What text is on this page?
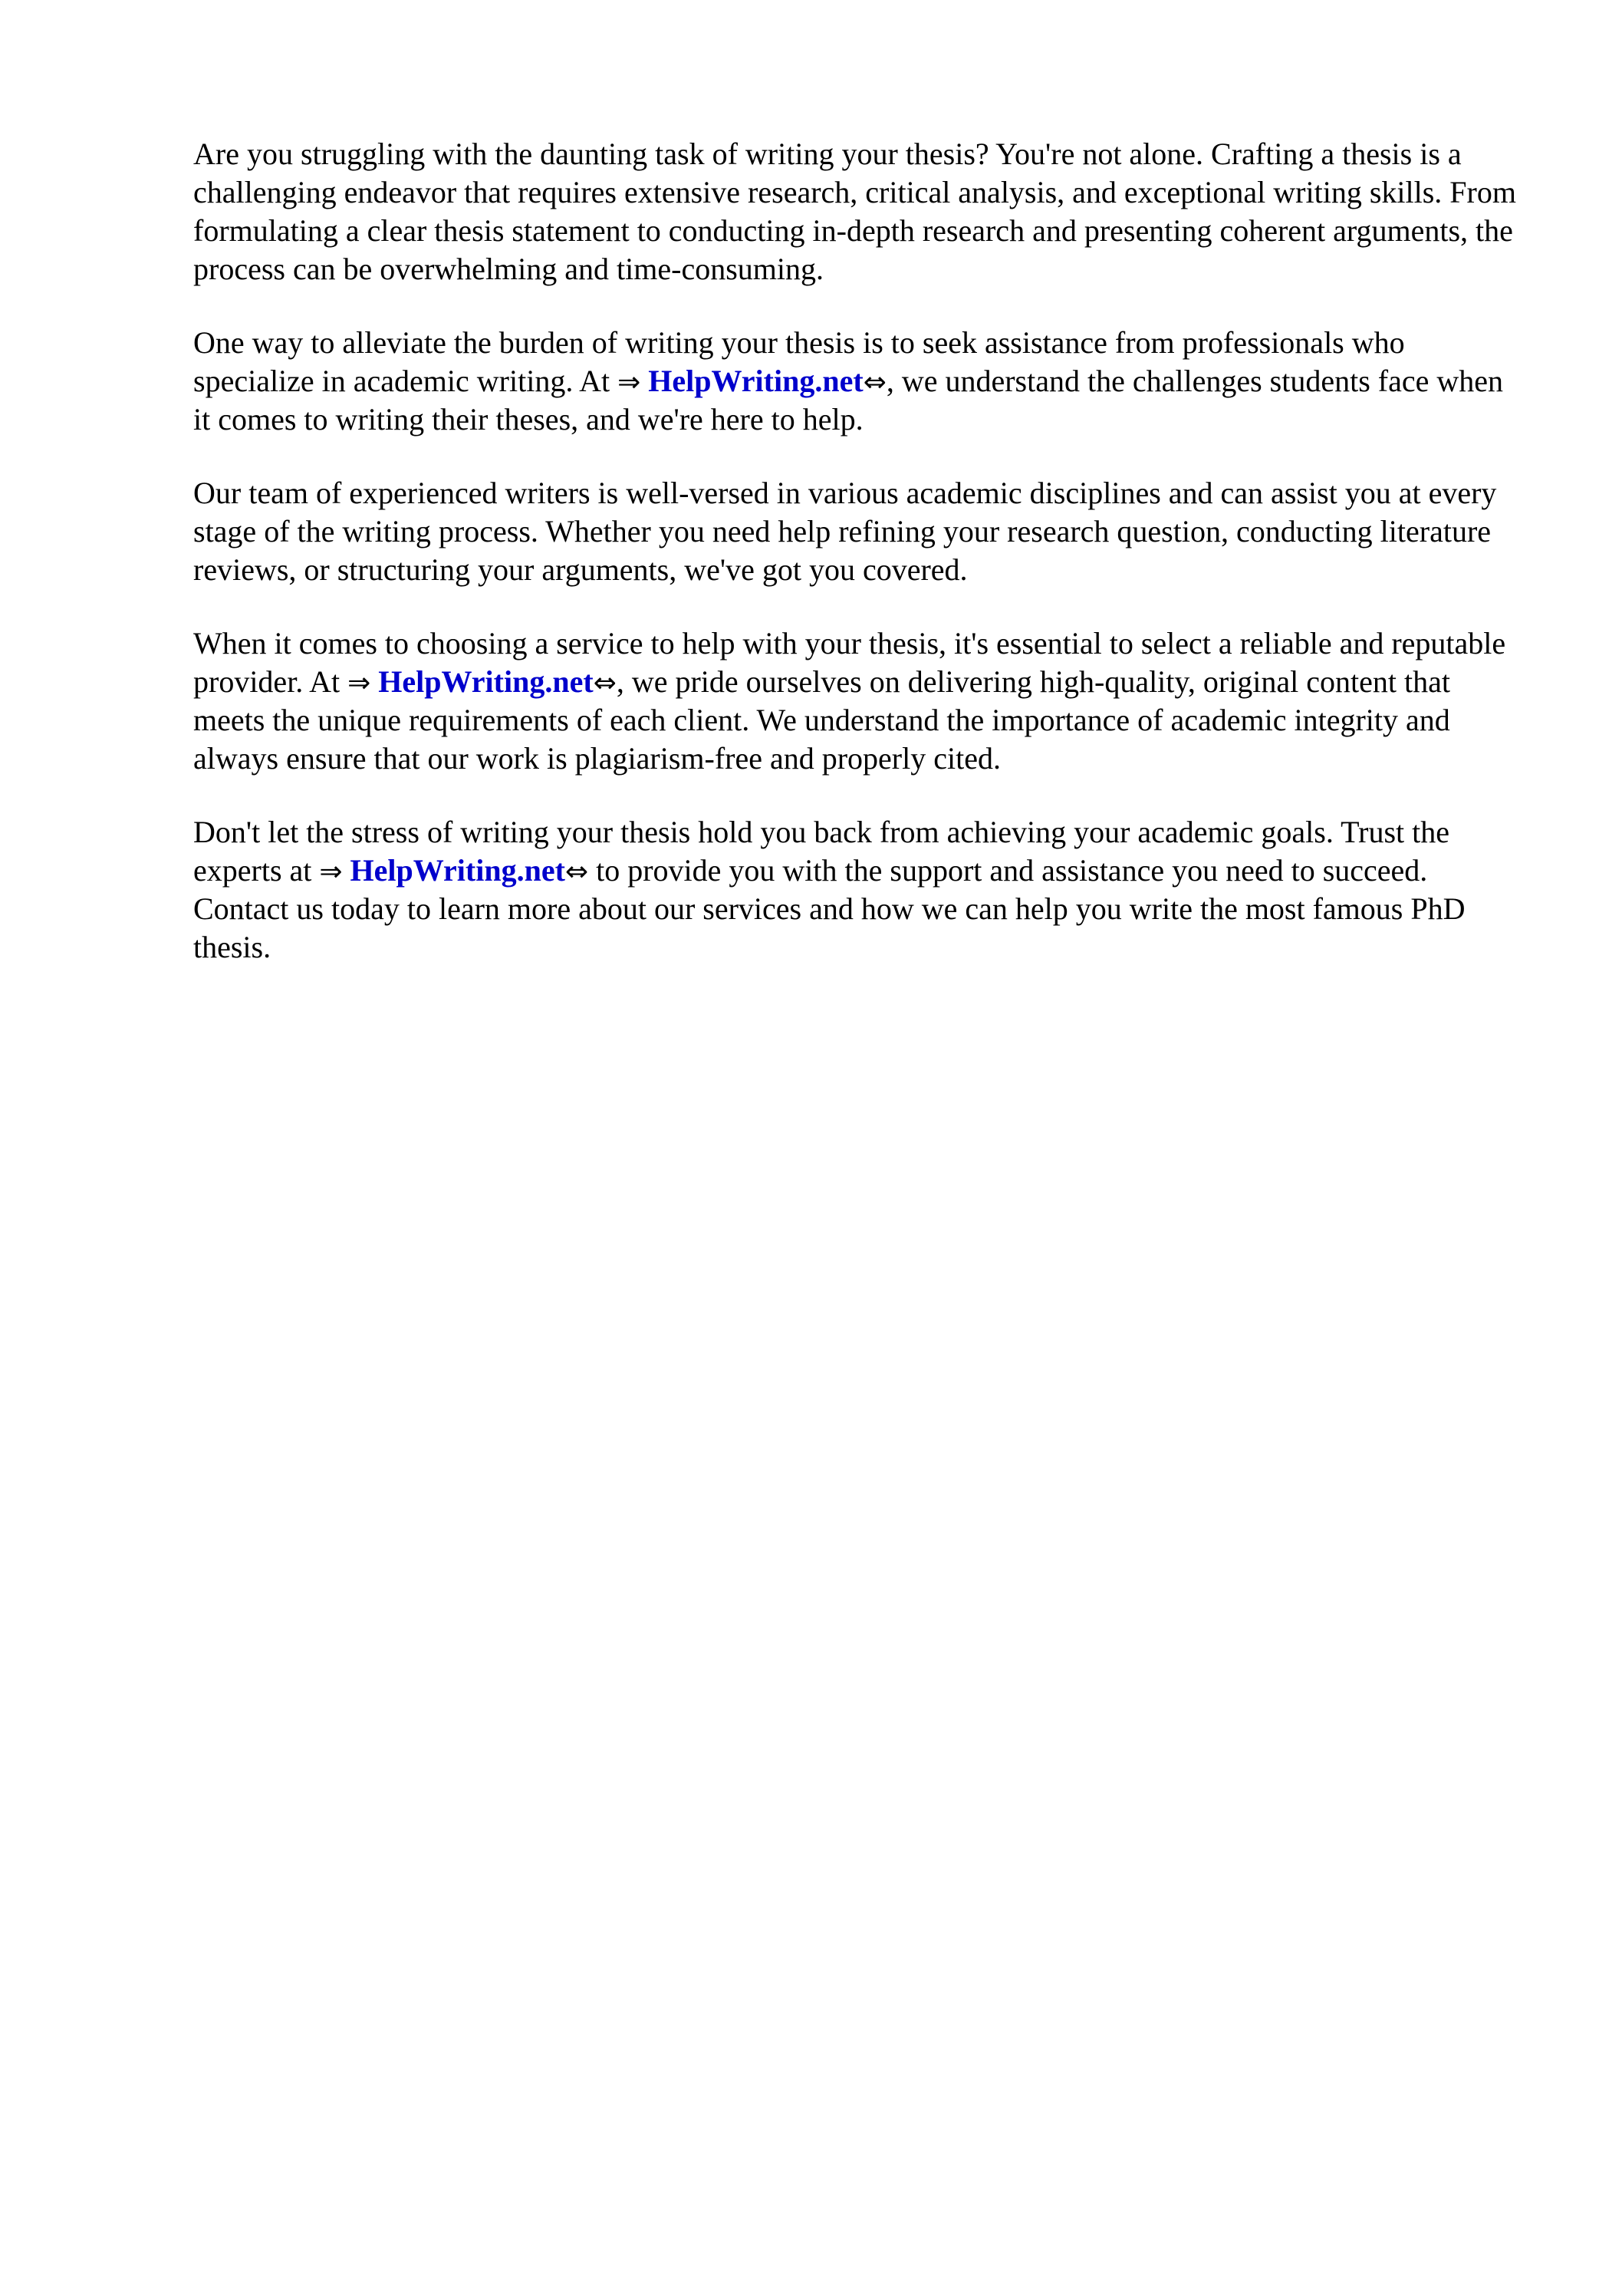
Are you struggling with the daunting task of writing your thesis? You're not alone. Crafting a thesis is a challenging endeavor that requires extensive research, critical analysis, and exceptional writing skills. From formulating a clear thesis statement to conducting in-depth research and presenting coherent arguments, the process can be overwhelming and time-consuming.

One way to alleviate the burden of writing your thesis is to seek assistance from professionals who specialize in academic writing. At ⇒ HelpWriting.net⇔, we understand the challenges students face when it comes to writing their theses, and we're here to help.

Our team of experienced writers is well-versed in various academic disciplines and can assist you at every stage of the writing process. Whether you need help refining your research question, conducting literature reviews, or structuring your arguments, we've got you covered.

When it comes to choosing a service to help with your thesis, it's essential to select a reliable and reputable provider. At ⇒ HelpWriting.net⇔, we pride ourselves on delivering high-quality, original content that meets the unique requirements of each client. We understand the importance of academic integrity and always ensure that our work is plagiarism-free and properly cited.

Don't let the stress of writing your thesis hold you back from achieving your academic goals. Trust the experts at ⇒ HelpWriting.net⇔ to provide you with the support and assistance you need to succeed. Contact us today to learn more about our services and how we can help you write the most famous PhD thesis.
